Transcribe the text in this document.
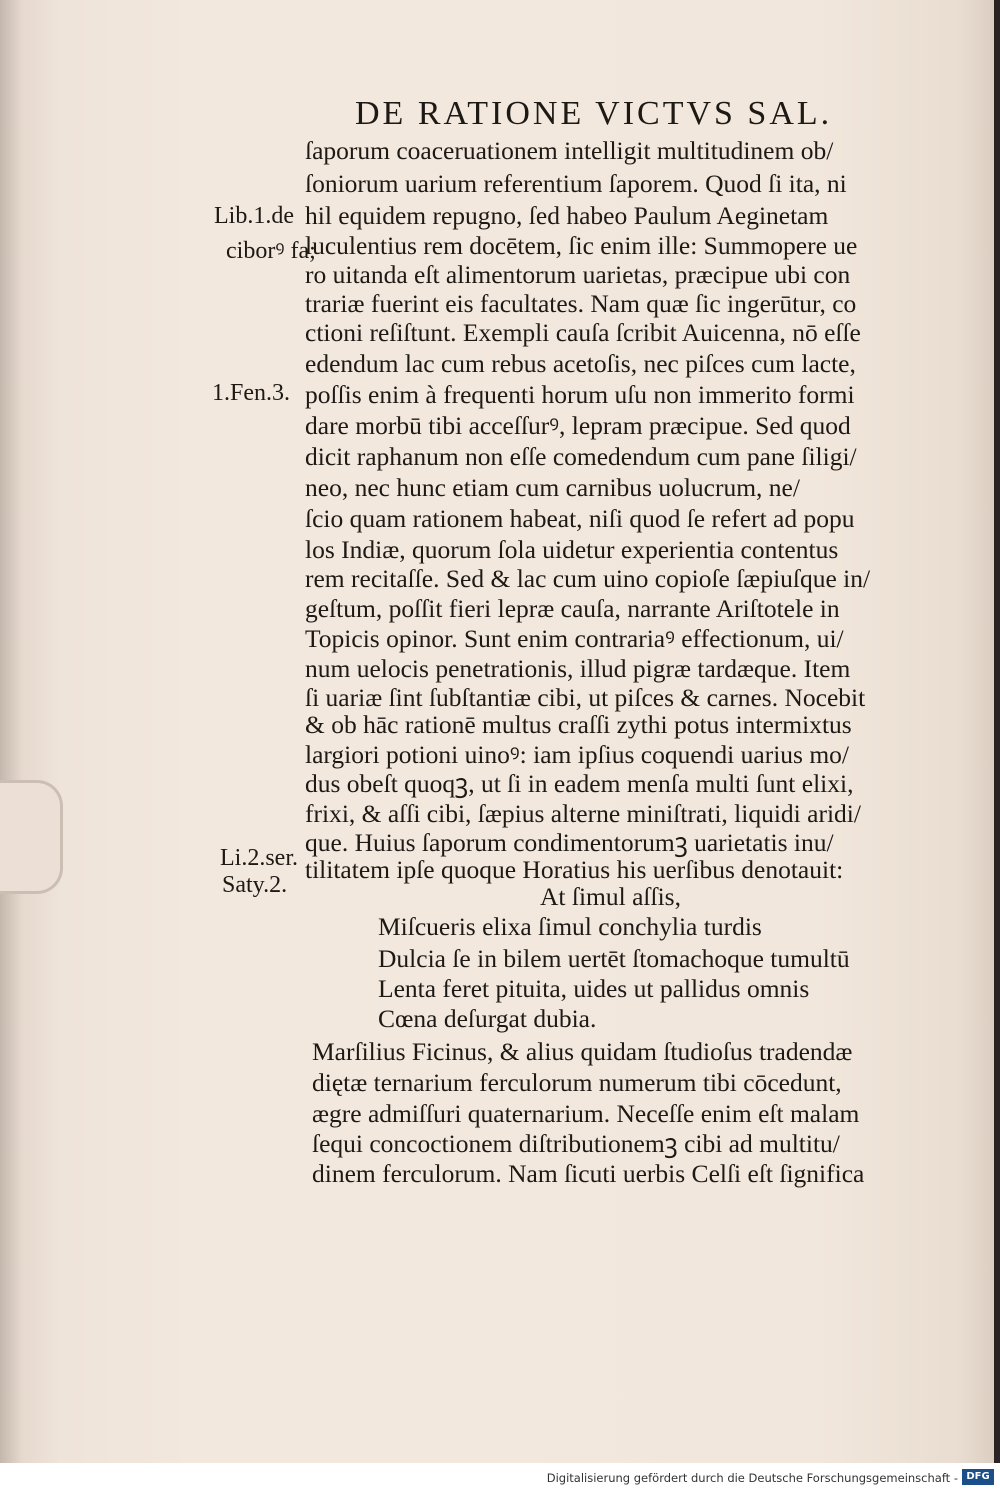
DE RATIONE VICTVS SAL.
ſaporum coaceruationem intelligit multitudinem ob/
ſoniorum uarium referentium ſaporem. Quod ſi ita, ni
hil equidem repugno, ſed habeo Paulum Aeginetam
luculentius rem docētem, ſic enim ille: Summopere ue
ro uitanda eſt alimentorum uarietas, præcipue ubi con
trariæ fuerint eis facultates. Nam quæ ſic ingerūtur, co
ctioni reſiſtunt. Exempli cauſa ſcribit Auicenna, nō eſſe
edendum lac cum rebus acetoſis, nec piſces cum lacte,
poſſis enim à frequenti horum uſu non immerito formi
dare morbū tibi acceſſurꝰ, lepram præcipue. Sed quod
dicit raphanum non eſſe comedendum cum pane ſiligi/
neo, nec hunc etiam cum carnibus uolucrum, ne/
ſcio quam rationem habeat, niſi quod ſe refert ad popu
los Indiæ, quorum ſola uidetur experientia contentus
rem recitaſſe. Sed & lac cum uino copioſe ſæpiuſque in/
geſtum, poſſit fieri lepræ cauſa, narrante Ariſtotele in
Topicis opinor. Sunt enim contrariaꝰ effectionum, ui/
num uelocis penetrationis, illud pigræ tardæque. Item
ſi uariæ ſint ſubſtantiæ cibi, ut piſces & carnes. Nocebit
& ob hāc rationē multus craſſi zythi potus intermixtus
largiori potioni uinoꝰ: iam ipſius coquendi uarius mo/
dus obeſt quoqꝫ, ut ſi in eadem menſa multi ſunt elixi,
frixi, & aſſi cibi, ſæpius alterne miniſtrati, liquidi aridi/
que. Huius ſaporum condimentorumꝫ uarietatis inu/
tilitatem ipſe quoque Horatius his uerſibus denotauit:
At ſimul aſſis,
Miſcueris elixa ſimul conchylia turdis
Dulcia ſe in bilem uertēt ſtomachoque tumultū
Lenta feret pituita, uides ut pallidus omnis
Cœna deſurgat dubia.
Marſilius Ficinus, & alius quidam ſtudioſus tradendæ
diętæ ternarium ferculorum numerum tibi cōcedunt,
ægre admiſſuri quaternarium. Neceſſe enim eſt malam
ſequi concoctionem diſtributionemꝫ cibi ad multitu/
dinem ferculorum. Nam ſicuti uerbis Celſi eſt ſignifica
Lib.1.de
ciborꝰ fa;
1.Fen.3.
Li.2.ser.
Saty.2.
Digitalisierung gefördert durch die Deutsche Forschungsgemeinschaft - DFG
